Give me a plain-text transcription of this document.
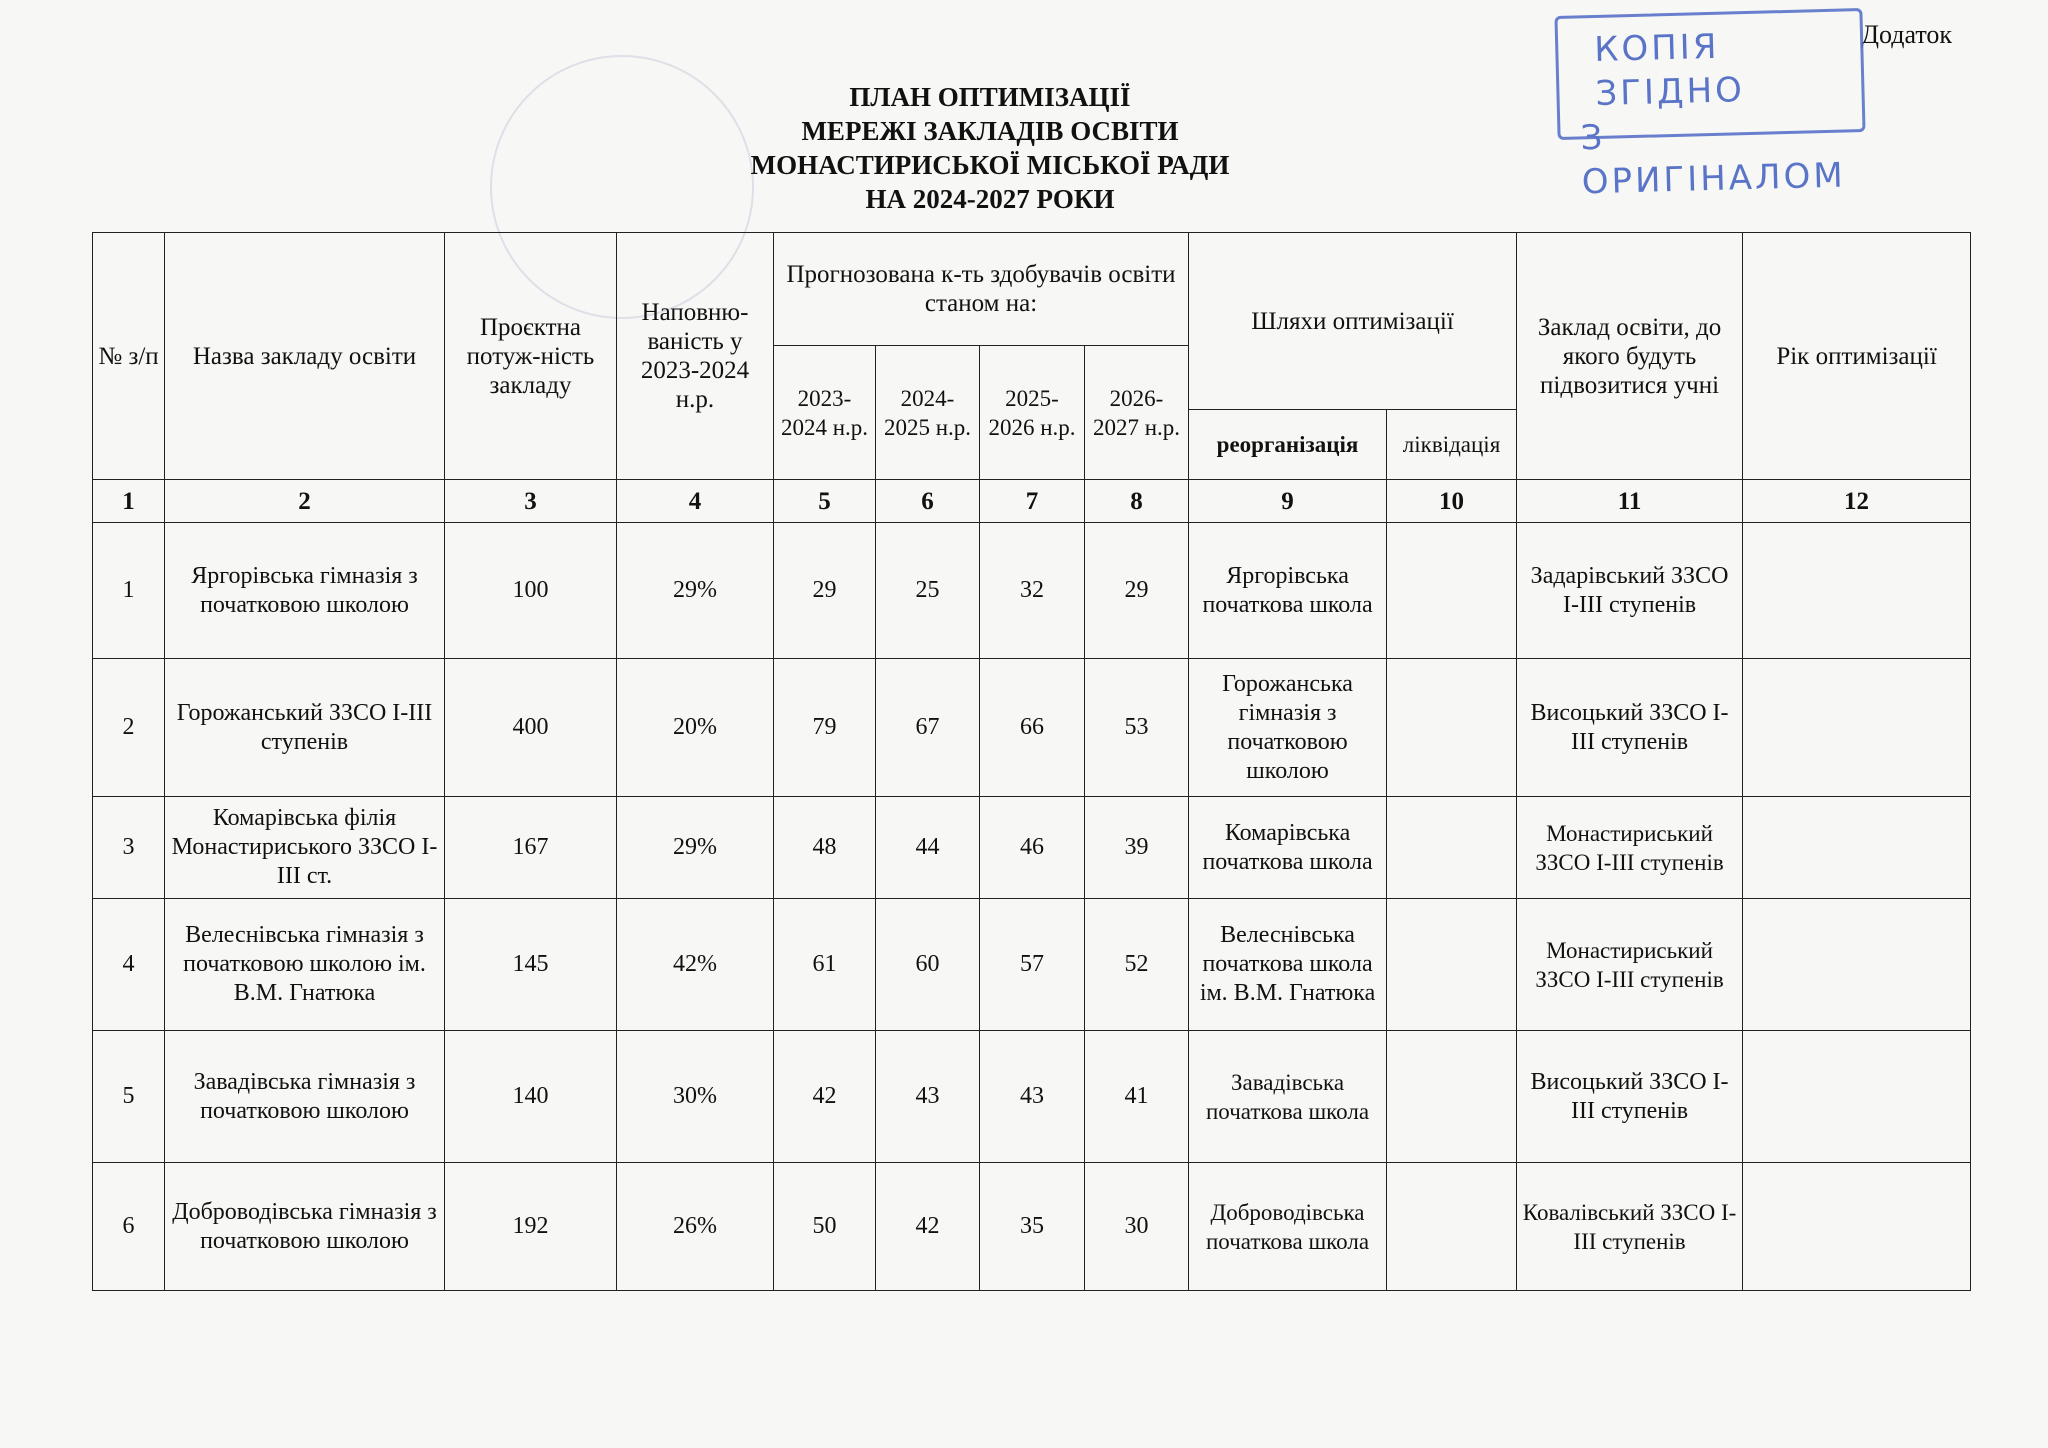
Додаток
КОПІЯ ЗГІДНО
З ОРИГІНАЛОМ
ПЛАН ОПТИМІЗАЦІЇ
МЕРЕЖІ ЗАКЛАДІВ ОСВІТИ
МОНАСТИРИСЬКОЇ МІСЬКОЇ РАДИ
НА 2024-2027 РОКИ
№ з/п	Назва закладу освіти	Проєктна потуж-ність закладу	Наповню-ваність у 2023-2024 н.р.	Прогнозована к-ть здобувачів освіти станом на:				Шляхи оптимізації		Заклад освіти, до якого будуть підвозитися учні	Рік оптимізації
				2023-2024 н.р.	2024-2025 н.р.	2025-2026 н.р.	2026-2027 н.р.				
								реорганізація	ліквідація		
1	2	3	4	5	6	7	8	9	10	11	12
1	Яргорівська гімназія з початковою школою	100	29%	29	25	32	29	Яргорівська початкова школа		Задарівський ЗЗСО І-ІІІ ступенів	
2	Горожанський ЗЗСО І-ІІІ ступенів	400	20%	79	67	66	53	Горожанська гімназія з початковою школою		Висоцький ЗЗСО І-ІІІ ступенів	
3	Комарівська філія Монастириського ЗЗСО І-ІІІ ст.	167	29%	48	44	46	39	Комарівська початкова школа		Монастириський ЗЗСО І-ІІІ ступенів	
4	Велеснівська гімназія з початковою школою ім. В.М. Гнатюка	145	42%	61	60	57	52	Велеснівська початкова школа ім. В.М. Гнатюка		Монастириський ЗЗСО І-ІІІ ступенів	
5	Завадівська гімназія з початковою школою	140	30%	42	43	43	41	Завадівська початкова школа		Висоцький ЗЗСО І-ІІІ ступенів	
6	Доброводівська гімназія з початковою школою	192	26%	50	42	35	30	Доброводівська початкова школа		Ковалівський ЗЗСО І-ІІІ ступенів	
